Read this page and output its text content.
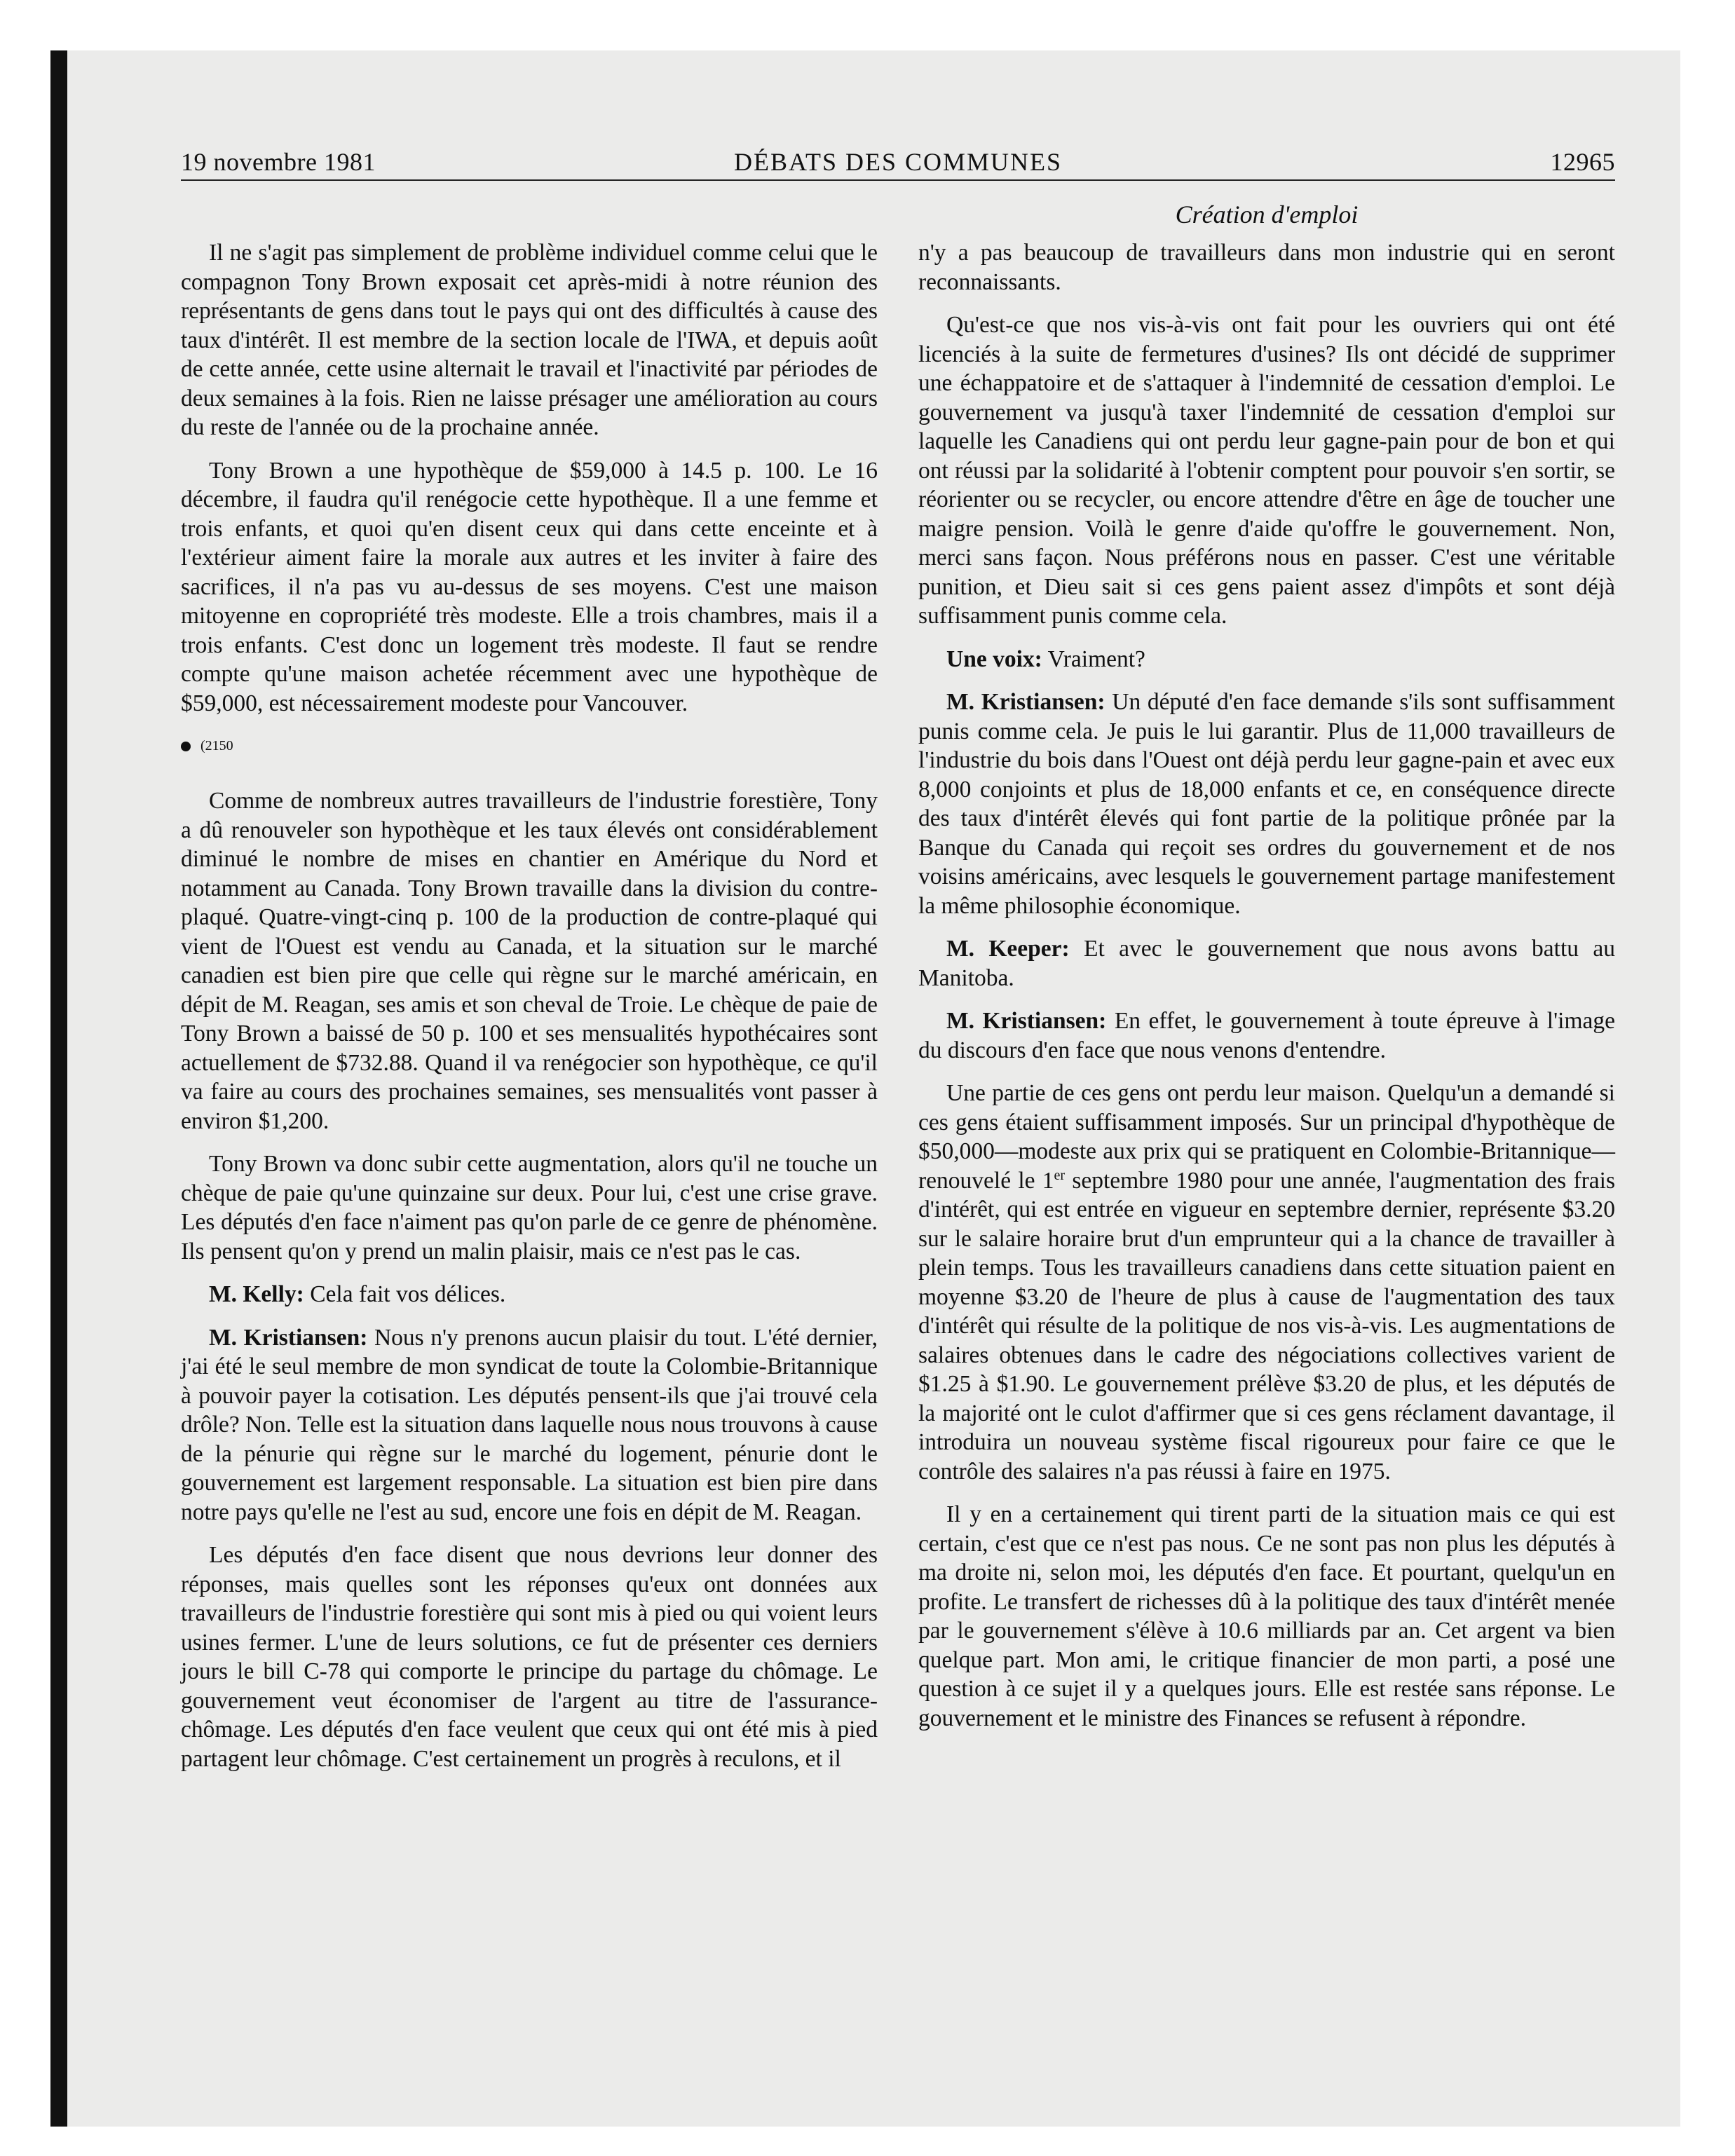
19 novembre 1981	DÉBATS DES COMMUNES	12965
Création d'emploi

Il ne s'agit pas simplement de problème individuel comme celui que le compagnon Tony Brown exposait cet après-midi à notre réunion des représentants de gens dans tout le pays qui ont des difficultés à cause des taux d'intérêt. Il est membre de la section locale de l'IWA, et depuis août de cette année, cette usine alternait le travail et l'inactivité par périodes de deux semaines à la fois. Rien ne laisse présager une amélioration au cours du reste de l'année ou de la prochaine année.

Tony Brown a une hypothèque de $59,000 à 14.5 p. 100. Le 16 décembre, il faudra qu'il renégocie cette hypothèque. Il a une femme et trois enfants, et quoi qu'en disent ceux qui dans cette enceinte et à l'extérieur aiment faire la morale aux autres et les inviter à faire des sacrifices, il n'a pas vu au-dessus de ses moyens. C'est une maison mitoyenne en copropriété très modeste. Elle a trois chambres, mais il a trois enfants. C'est donc un logement très modeste. Il faut se rendre compte qu'une maison achetée récemment avec une hypothèque de $59,000, est nécessairement modeste pour Vancouver.

(2150

Comme de nombreux autres travailleurs de l'industrie forestière, Tony a dû renouveler son hypothèque et les taux élevés ont considérablement diminué le nombre de mises en chantier en Amérique du Nord et notamment au Canada. Tony Brown travaille dans la division du contre-plaqué. Quatre-vingt-cinq p. 100 de la production de contre-plaqué qui vient de l'Ouest est vendu au Canada, et la situation sur le marché canadien est bien pire que celle qui règne sur le marché américain, en dépit de M. Reagan, ses amis et son cheval de Troie. Le chèque de paie de Tony Brown a baissé de 50 p. 100 et ses mensualités hypothécaires sont actuellement de $732.88. Quand il va renégocier son hypothèque, ce qu'il va faire au cours des prochaines semaines, ses mensualités vont passer à environ $1,200.

Tony Brown va donc subir cette augmentation, alors qu'il ne touche un chèque de paie qu'une quinzaine sur deux. Pour lui, c'est une crise grave. Les députés d'en face n'aiment pas qu'on parle de ce genre de phénomène. Ils pensent qu'on y prend un malin plaisir, mais ce n'est pas le cas.

M. Kelly: Cela fait vos délices.

M. Kristiansen: Nous n'y prenons aucun plaisir du tout. L'été dernier, j'ai été le seul membre de mon syndicat de toute la Colombie-Britannique à pouvoir payer la cotisation. Les députés pensent-ils que j'ai trouvé cela drôle? Non. Telle est la situation dans laquelle nous nous trouvons à cause de la pénurie qui règne sur le marché du logement, pénurie dont le gouvernement est largement responsable. La situation est bien pire dans notre pays qu'elle ne l'est au sud, encore une fois en dépit de M. Reagan.

Les députés d'en face disent que nous devrions leur donner des réponses, mais quelles sont les réponses qu'eux ont données aux travailleurs de l'industrie forestière qui sont mis à pied ou qui voient leurs usines fermer. L'une de leurs solutions, ce fut de présenter ces derniers jours le bill C-78 qui comporte le principe du partage du chômage. Le gouvernement veut économiser de l'argent au titre de l'assurance-chômage. Les députés d'en face veulent que ceux qui ont été mis à pied partagent leur chômage. C'est certainement un progrès à reculons, et il

n'y a pas beaucoup de travailleurs dans mon industrie qui en seront reconnaissants.

Qu'est-ce que nos vis-à-vis ont fait pour les ouvriers qui ont été licenciés à la suite de fermetures d'usines? Ils ont décidé de supprimer une échappatoire et de s'attaquer à l'indemnité de cessation d'emploi. Le gouvernement va jusqu'à taxer l'indemnité de cessation d'emploi sur laquelle les Canadiens qui ont perdu leur gagne-pain pour de bon et qui ont réussi par la solidarité à l'obtenir comptent pour pouvoir s'en sortir, se réorienter ou se recycler, ou encore attendre d'être en âge de toucher une maigre pension. Voilà le genre d'aide qu'offre le gouvernement. Non, merci sans façon. Nous préférons nous en passer. C'est une véritable punition, et Dieu sait si ces gens paient assez d'impôts et sont déjà suffisamment punis comme cela.

Une voix: Vraiment?

M. Kristiansen: Un député d'en face demande s'ils sont suffisamment punis comme cela. Je puis le lui garantir. Plus de 11,000 travailleurs de l'industrie du bois dans l'Ouest ont déjà perdu leur gagne-pain et avec eux 8,000 conjoints et plus de 18,000 enfants et ce, en conséquence directe des taux d'intérêt élevés qui font partie de la politique prônée par la Banque du Canada qui reçoit ses ordres du gouvernement et de nos voisins américains, avec lesquels le gouvernement partage manifestement la même philosophie économique.

M. Keeper: Et avec le gouvernement que nous avons battu au Manitoba.

M. Kristiansen: En effet, le gouvernement à toute épreuve à l'image du discours d'en face que nous venons d'entendre.

Une partie de ces gens ont perdu leur maison. Quelqu'un a demandé si ces gens étaient suffisamment imposés. Sur un principal d'hypothèque de $50,000—modeste aux prix qui se pratiquent en Colombie-Britannique—renouvelé le 1er septembre 1980 pour une année, l'augmentation des frais d'intérêt, qui est entrée en vigueur en septembre dernier, représente $3.20 sur le salaire horaire brut d'un emprunteur qui a la chance de travailler à plein temps. Tous les travailleurs canadiens dans cette situation paient en moyenne $3.20 de l'heure de plus à cause de l'augmentation des taux d'intérêt qui résulte de la politique de nos vis-à-vis. Les augmentations de salaires obtenues dans le cadre des négociations collectives varient de $1.25 à $1.90. Le gouvernement prélève $3.20 de plus, et les députés de la majorité ont le culot d'affirmer que si ces gens réclament davantage, il introduira un nouveau système fiscal rigoureux pour faire ce que le contrôle des salaires n'a pas réussi à faire en 1975.

Il y en a certainement qui tirent parti de la situation mais ce qui est certain, c'est que ce n'est pas nous. Ce ne sont pas non plus les députés à ma droite ni, selon moi, les députés d'en face. Et pourtant, quelqu'un en profite. Le transfert de richesses dû à la politique des taux d'intérêt menée par le gouvernement s'élève à 10.6 milliards par an. Cet argent va bien quelque part. Mon ami, le critique financier de mon parti, a posé une question à ce sujet il y a quelques jours. Elle est restée sans réponse. Le gouvernement et le ministre des Finances se refusent à répondre.
